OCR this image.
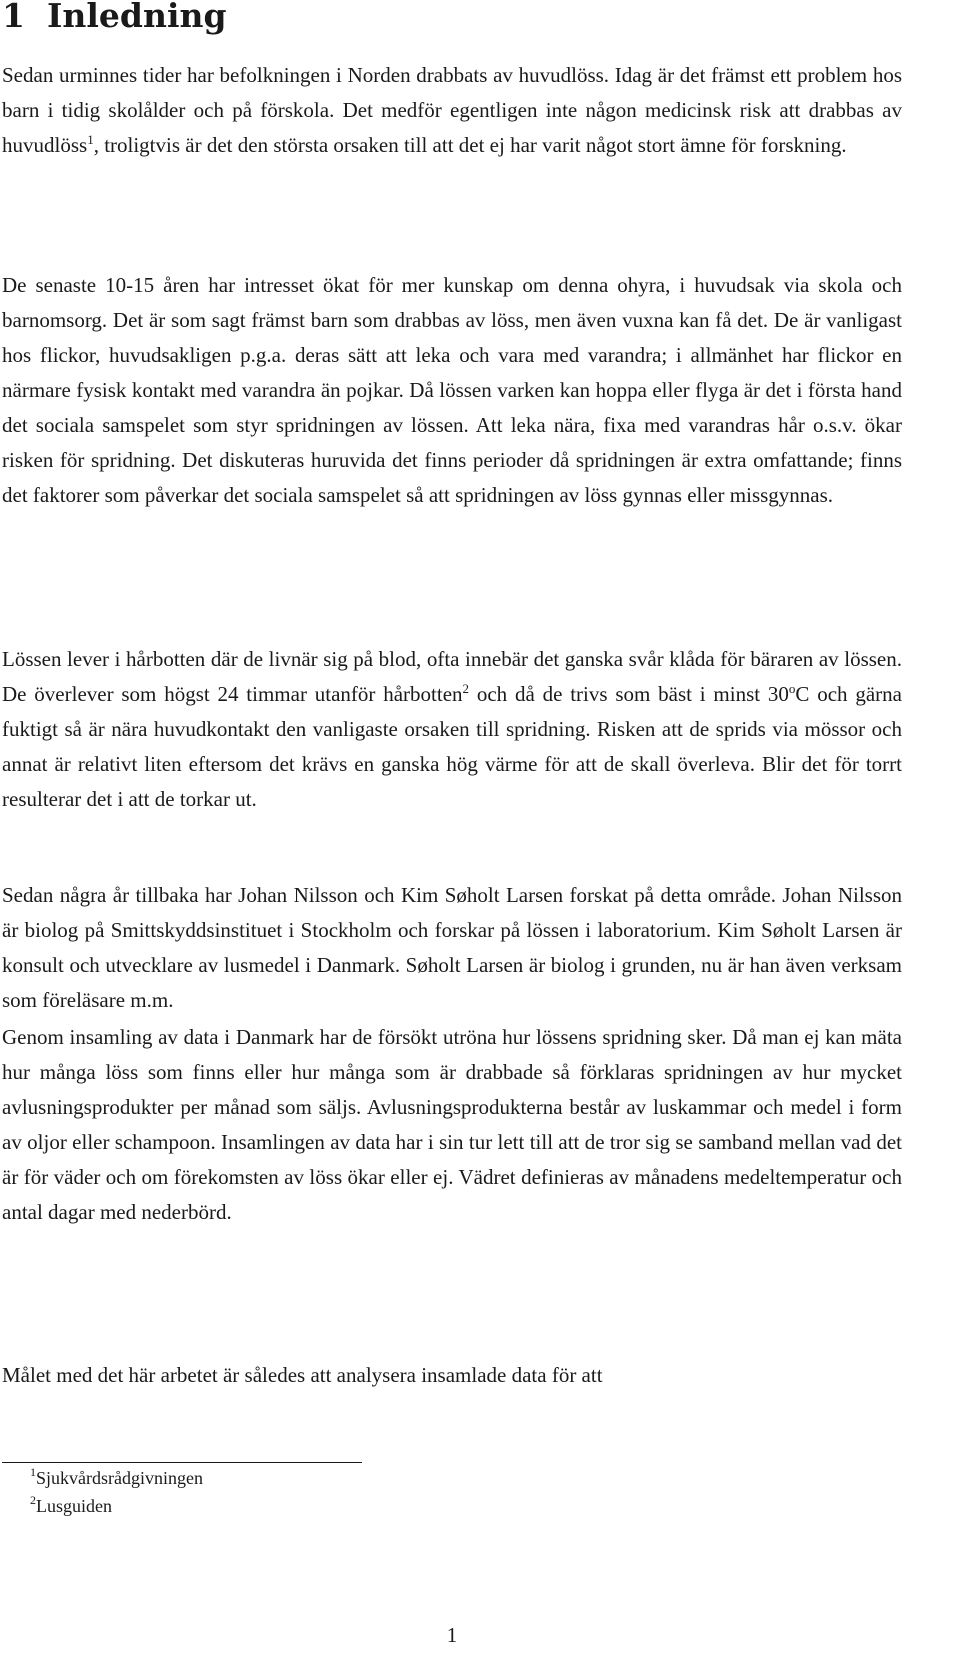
1 Inledning

Sedan urminnes tider har befolkningen i Norden drabbats av huvudlöss. Idag är det främst ett problem hos barn i tidig skolålder och på förskola. Det medför egentligen inte någon medicinsk risk att drabbas av huvudlöss$^1$, troligtvis är det den största orsaken till att det ej har varit något stort ämne för forskning.

De senaste 10-15 åren har intresset ökat för mer kunskap om denna ohyra, i huvudsak via skola och barnomsorg. Det är som sagt främst barn som drabbas av löss, men även vuxna kan få det. De är vanligast hos flickor, huvudsakligen p.g.a. deras sätt att leka och vara med varandra; i allmänhet har flickor en närmare fysisk kontakt med varandra än pojkar. Då lössen varken kan hoppa eller flyga är det i första hand det sociala samspelet som styr spridningen av lössen. Att leka nära, fixa med varandras hår o.s.v. ökar risken för spridning. Det diskuteras huruvida det finns perioder då spridningen är extra omfattande; finns det faktorer som påverkar det sociala samspelet så att spridningen av löss gynnas eller missgynnas.

Lössen lever i hårbotten där de livnär sig på blod, ofta innebär det ganska svår klåda för bäraren av lössen. De överlever som högst 24 timmar utanför hårbotten$^2$ och då de trivs som bäst i minst 30$^o$C och gärna fuktigt så är nära huvudkontakt den vanligaste orsaken till spridning. Risken att de sprids via mössor och annat är relativt liten eftersom det krävs en ganska hög värme för att de skall överleva. Blir det för torrt resulterar det i att de torkar ut.

Sedan några år tillbaka har Johan Nilsson och Kim Søholt Larsen forskat på detta område. Johan Nilsson är biolog på Smittskyddsinstituet i Stockholm och forskar på lössen i laboratorium. Kim Søholt Larsen är konsult och utvecklare av lusmedel i Danmark. Søholt Larsen är biolog i grunden, nu är han även verksam som föreläsare m.m.

Genom insamling av data i Danmark har de försökt utröna hur lössens spridning sker. Då man ej kan mäta hur många löss som finns eller hur många som är drabbade så förklaras spridningen av hur mycket avlusningsprodukter per månad som säljs. Avlusningsprodukterna består av luskammar och medel i form av oljor eller schampoon. Insamlingen av data har i sin tur lett till att de tror sig se samband mellan vad det är för väder och om förekomsten av löss ökar eller ej. Vädret definieras av månadens medeltemperatur och antal dagar med nederbörd.

Målet med det här arbetet är således att analysera insamlade data för att

$^1$Sjukvårdsrådgivningen

$^2$Lusguiden

1
